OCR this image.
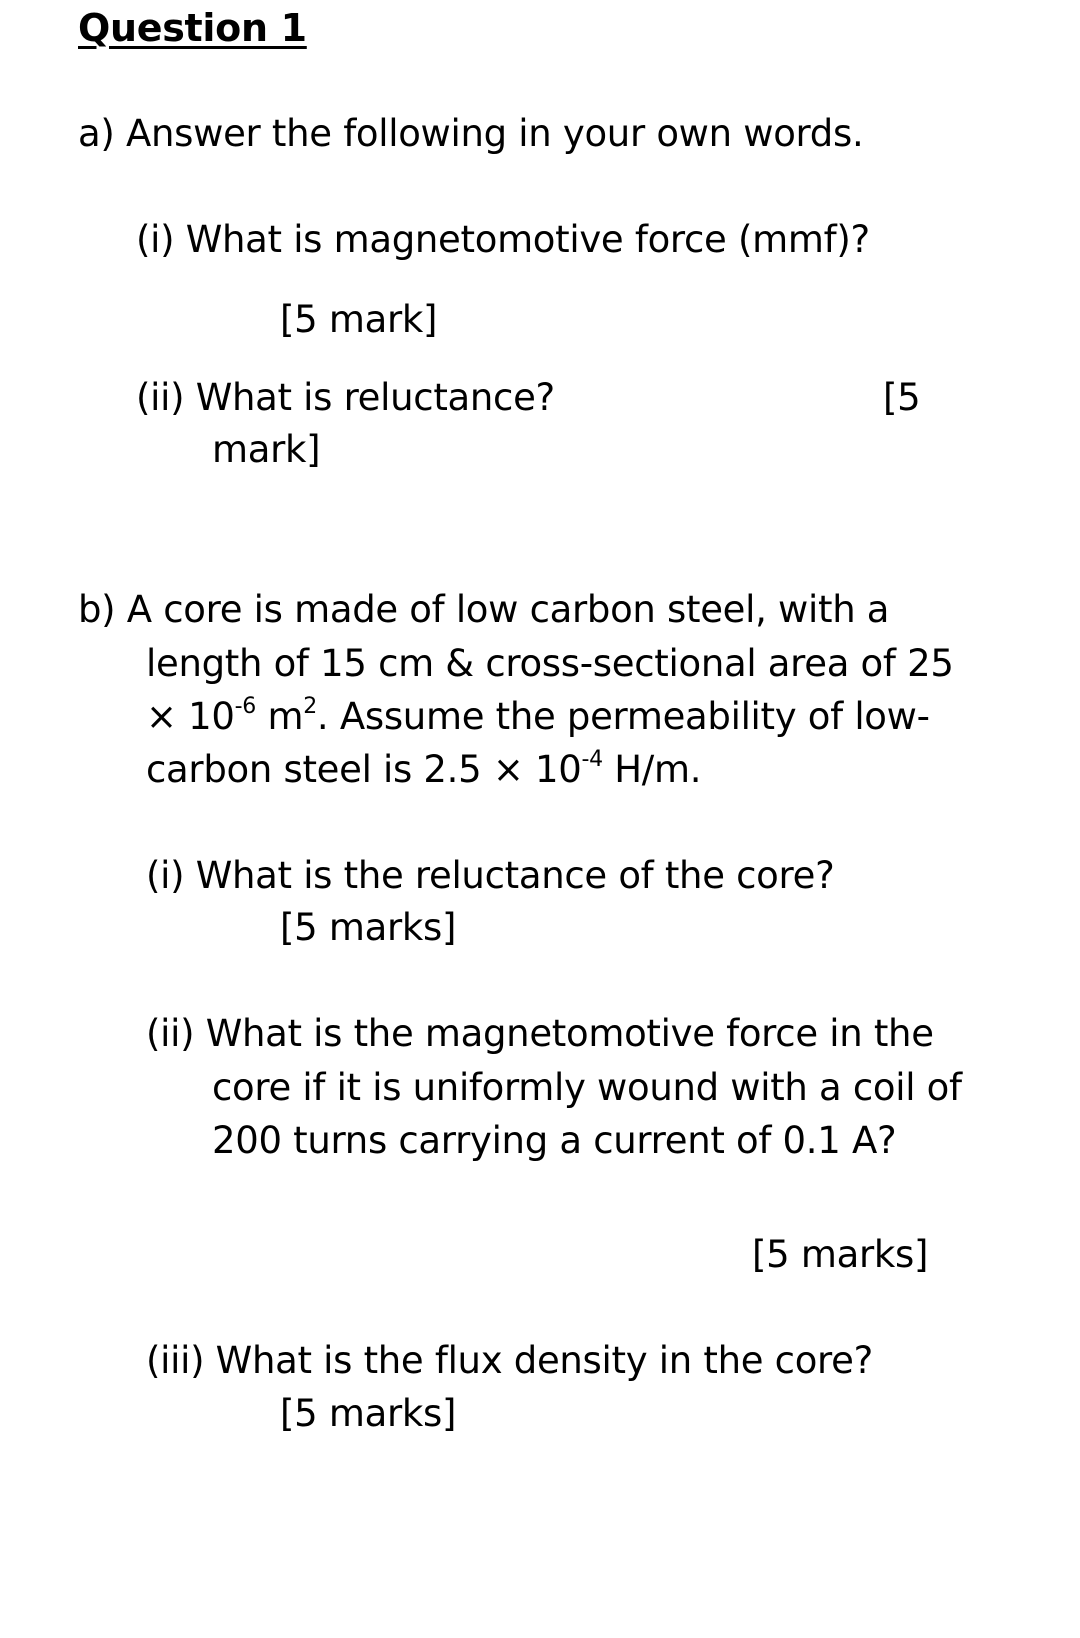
Question 1
a) Answer the following in your own words.
(i) What is magnetomotive force (mmf)?
[5 mark]
(ii) What is reluctance?	[5
mark]
b) A core is made of low carbon steel, with a
length of 15 cm & cross-sectional area of 25
× $10^{-6}$ $m^2$. Assume the permeability of low-
carbon steel is $2.5 \times 10^{-4}$ H/m.
(i) What is the reluctance of the core?
[5 marks]
(ii) What is the magnetomotive force in the
core if it is uniformly wound with a coil of
200 turns carrying a current of 0.1 A?
[5 marks]
(iii) What is the flux density in the core?
[5 marks]
